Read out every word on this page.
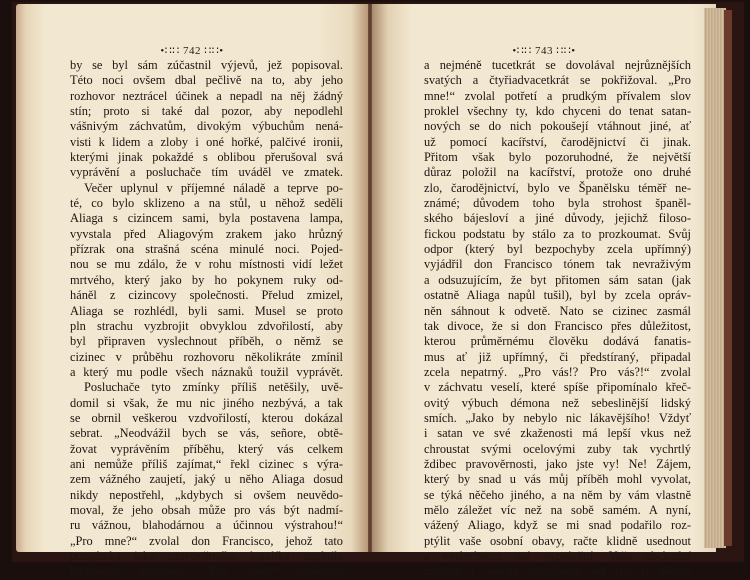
•∷∷ 742 ∷∷•
by se byl sám zúčastnil výjevů, jež popisoval.
Této noci ovšem dbal pečlivě na to, aby jeho
rozhovor neztrácel účinek a nepadl na něj žádný
stín; proto si také dal pozor, aby nepodlehl
vášnivým záchvatům, divokým výbuchům nená-
visti k lidem a zloby i oné hořké, palčivé ironii,
kterými jinak pokaždé s oblibou přerušoval svá
vyprávění a posluchače tím uváděl ve zmatek.
Večer uplynul v příjemné náladě a teprve po-
té, co bylo sklizeno a na stůl, u něhož seděli
Aliaga s cizincem sami, byla postavena lampa,
vyvstala před Aliagovým zrakem jako hrůzný
přízrak ona strašná scéna minulé noci. Pojed-
nou se mu zdálo, že v rohu místnosti vidí ležet
mrtvého, který jako by ho pokynem ruky od-
háněl z cizincovy společnosti. Přelud zmizel,
Aliaga se rozhlédl, byli sami. Musel se proto
pln strachu vyzbrojit obvyklou zdvořilostí, aby
byl připraven vyslechnout příběh, o němž se
cizinec v průběhu rozhovoru několikráte zmínil
a který mu podle všech náznaků toužil vyprávět.
Posluchače tyto zmínky příliš netěšily, uvě-
domil si však, že mu nic jiného nezbývá, a tak
se obrnil veškerou vzdvořilostí, kterou dokázal
sebrat. „Neodvážil bych se vás, señore, obtě-
žovat vyprávěním příběhu, který vás celkem
ani nemůže příliš zajímat,“ řekl cizinec s výra-
zem vážného zaujetí, jaký u něho Aliaga dosud
nikdy nepostřehl, „kdybych si ovšem neuvědo-
moval, že jeho obsah může pro vás být nadmí-
ru vážnou, blahodárnou a účinnou výstrahou!“
„Pro mne?“ zvolal don Francisco, jehož tato
poznámka jako pravověrného katolíka naplnila
hlubokým odporem. „Pro mne?“ opakoval
•∷∷ 743 ∷∷•
a nejméně tucetkrát se dovolával nejrůznějších
svatých a čtyřiadvacetkrát se pokřižoval. „Pro
mne!“ zvolal potřetí a prudkým přívalem slov
proklel všechny ty, kdo chyceni do tenat satan-
nových se do nich pokoušejí vtáhnout jiné, ať
už pomocí kacířství, čarodějnictví či jinak.
Přitom však bylo pozoruhodné, že největší
důraz položil na kacířství, protože ono druhé
zlo, čarodějnictví, bylo ve Španělsku téměř ne-
známé; důvodem toho byla strohost španěl-
ského bájesloví a jiné důvody, jejichž filoso-
fickou podstatu by stálo za to prozkoumat. Svůj
odpor (který byl bezpochyby zcela upřímný)
vyjádřil don Francisco tónem tak nevraživým
a odsuzujícím, že byt přitomen sám satan (jak
ostatně Aliaga napůl tušil), byl by zcela opráv-
něn sáhnout k odvetě. Nato se cizinec zasmál
tak divoce, že si don Francisco přes důležitost,
kterou průměrnému člověku dodává fanatis-
mus ať již upřímný, či předstíraný, připadal
zcela nepatrný. „Pro vás!? Pro vás?!“ zvolal
v záchvatu veselí, které spíše připomínalo křeč-
ovitý výbuch démona než sebeslinější lidský
smích. „Jako by nebylo nic lákavějšího! Vždyť
i satan ve své zkaženosti má lepší vkus než
chroustat svými ocelovými zuby tak vychrtlý
ždibec pravověrnosti, jako jste vy! Ne! Zájem,
který by snad u vás můj příběh mohl vyvolat,
se týká něčeho jiného, a na něm by vám vlastně
mělo záležet víc než na sobě samém. A nyní,
vážený Aliago, když se mi snad podařilo roz-
ptýlit vaše osobní obavy, račte klidně usednout
a vyslechnout mé vyprávění. Vaše obchodní
znalosti i obecné vědomosti, jež jste si během
